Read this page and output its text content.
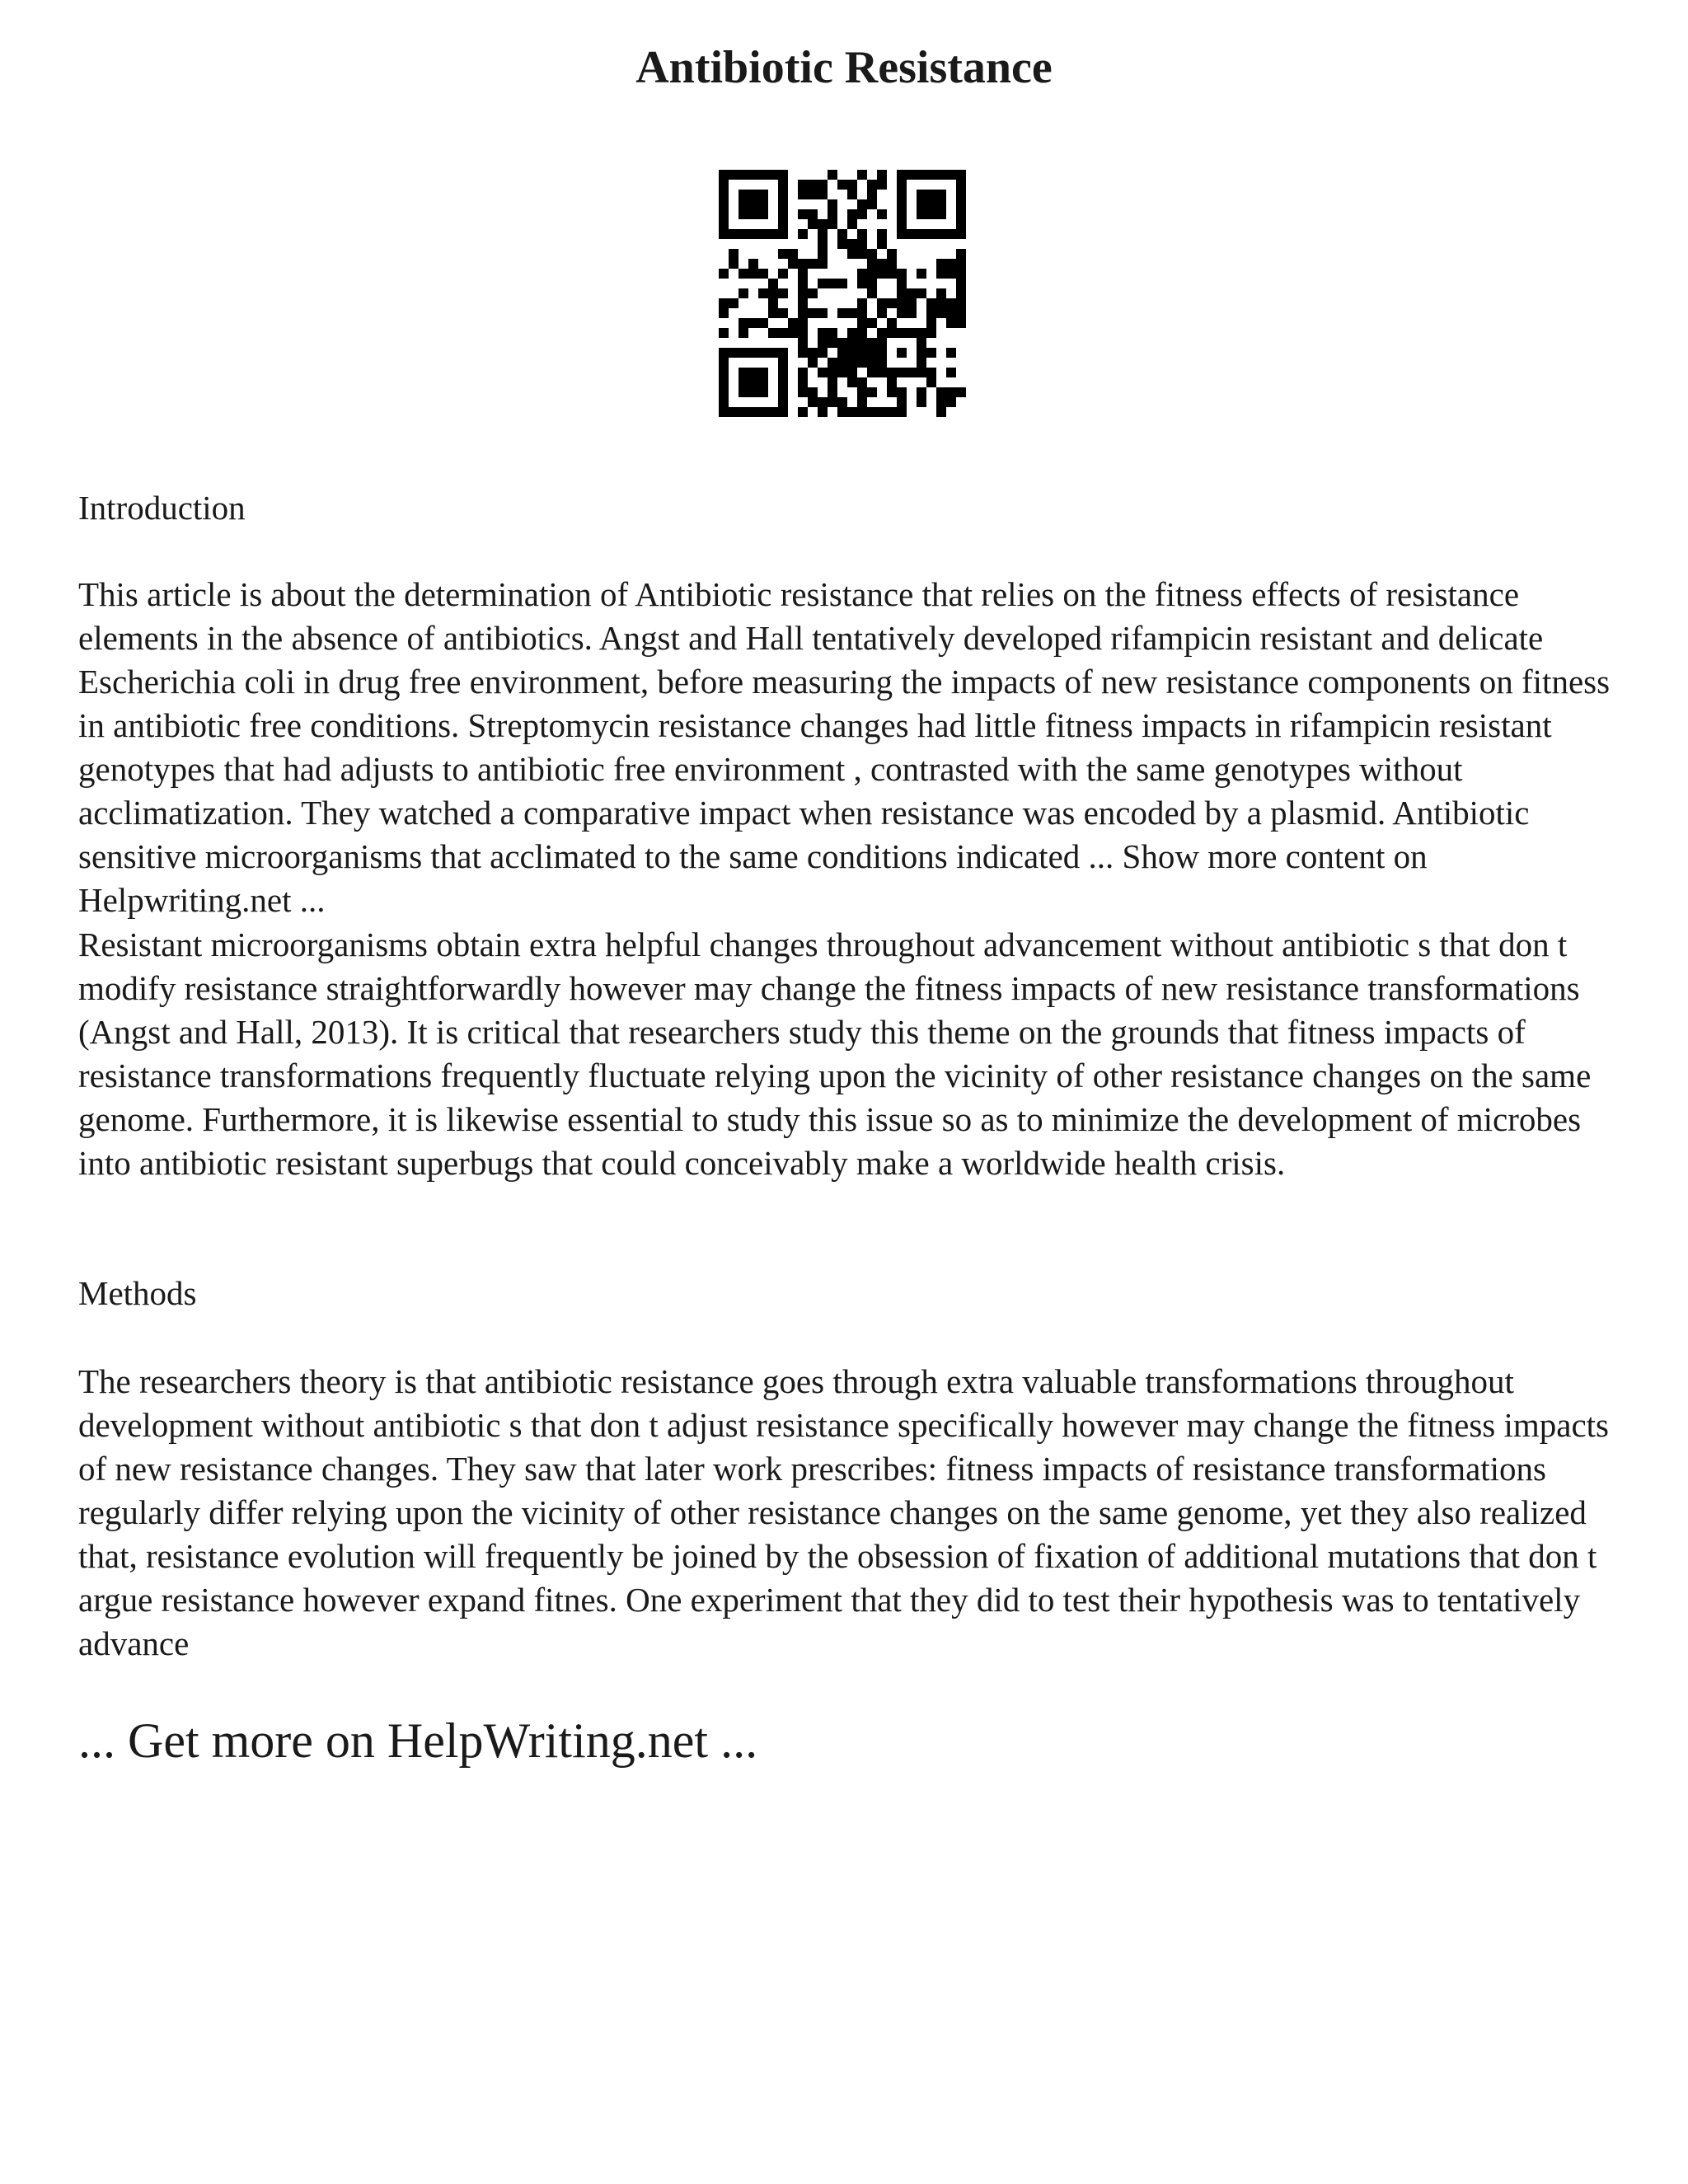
Antibiotic Resistance

Introduction

This article is about the determination of Antibiotic resistance that relies on the fitness effects of resistance elements in the absence of antibiotics. Angst and Hall tentatively developed rifampicin resistant and delicate Escherichia coli in drug free environment, before measuring the impacts of new resistance components on fitness in antibiotic free conditions. Streptomycin resistance changes had little fitness impacts in rifampicin resistant genotypes that had adjusts to antibiotic free environment , contrasted with the same genotypes without acclimatization. They watched a comparative impact when resistance was encoded by a plasmid. Antibiotic sensitive microorganisms that acclimated to the same conditions indicated ... Show more content on Helpwriting.net ...

Resistant microorganisms obtain extra helpful changes throughout advancement without antibiotic s that don t modify resistance straightforwardly however may change the fitness impacts of new resistance transformations (Angst and Hall, 2013). It is critical that researchers study this theme on the grounds that fitness impacts of resistance transformations frequently fluctuate relying upon the vicinity of other resistance changes on the same genome. Furthermore, it is likewise essential to study this issue so as to minimize the development of microbes into antibiotic resistant superbugs that could conceivably make a worldwide health crisis.

Methods

The researchers theory is that antibiotic resistance goes through extra valuable transformations throughout development without antibiotic s that don t adjust resistance specifically however may change the fitness impacts of new resistance changes. They saw that later work prescribes: fitness impacts of resistance transformations regularly differ relying upon the vicinity of other resistance changes on the same genome, yet they also realized that, resistance evolution will frequently be joined by the obsession of fixation of additional mutations that don t argue resistance however expand fitnes. One experiment that they did to test their hypothesis was to tentatively advance

... Get more on HelpWriting.net ...
